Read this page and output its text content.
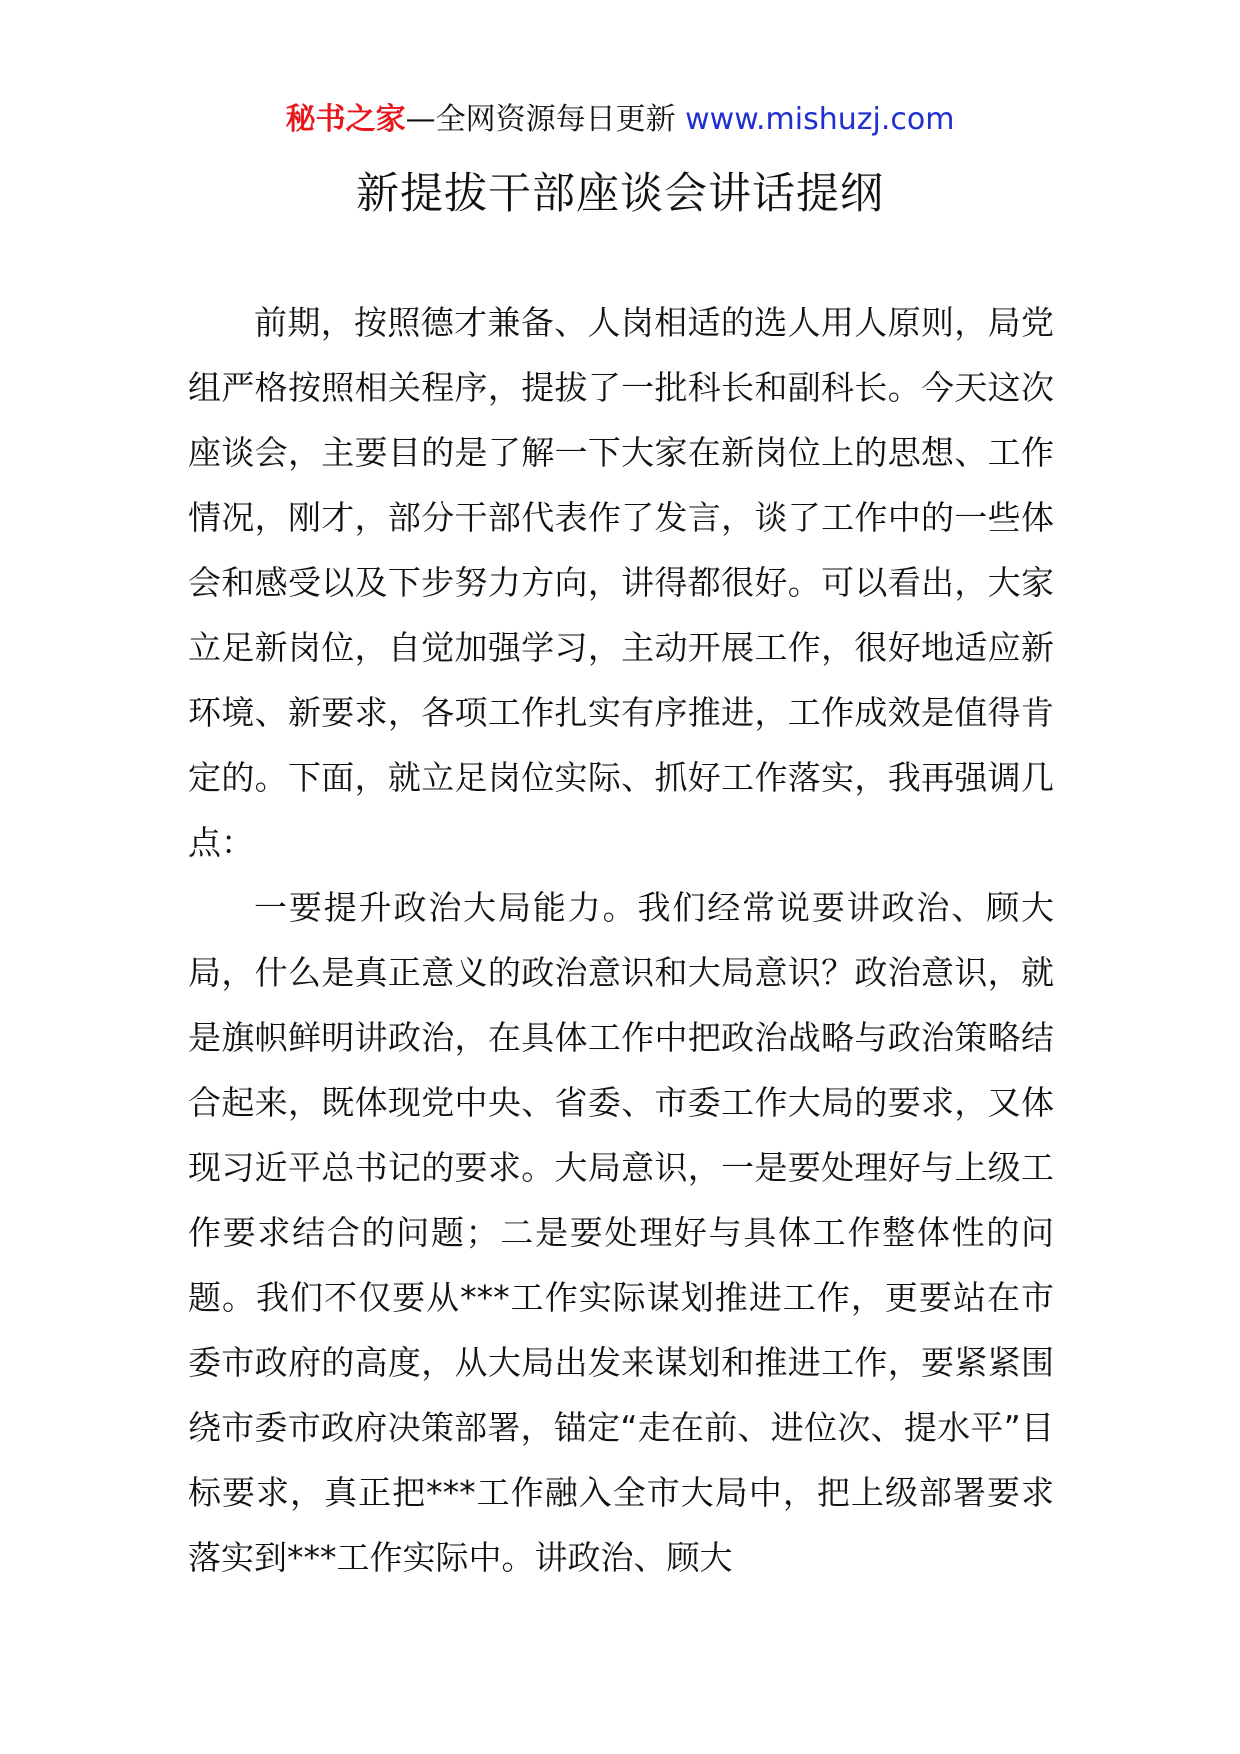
秘书之家—全网资源每日更新 www.mishuzj.com
新提拔干部座谈会讲话提纲

前期，按照德才兼备、人岗相适的选人用人原则，局党组严格按照相关程序，提拔了一批科长和副科长。今天这次座谈会，主要目的是了解一下大家在新岗位上的思想、工作情况，刚才，部分干部代表作了发言，谈了工作中的一些体会和感受以及下步努力方向，讲得都很好。可以看出，大家立足新岗位，自觉加强学习，主动开展工作，很好地适应新环境、新要求，各项工作扎实有序推进，工作成效是值得肯定的。下面，就立足岗位实际、抓好工作落实，我再强调几点：

一要提升政治大局能力。我们经常说要讲政治、顾大局，什么是真正意义的政治意识和大局意识？政治意识，就是旗帜鲜明讲政治，在具体工作中把政治战略与政治策略结合起来，既体现党中央、省委、市委工作大局的要求，又体现习近平总书记的要求。大局意识，一是要处理好与上级工作要求结合的问题；二是要处理好与具体工作整体性的问题。我们不仅要从***工作实际谋划推进工作，更要站在市委市政府的高度，从大局出发来谋划和推进工作，要紧紧围绕市委市政府决策部署，锚定“走在前、进位次、提水平”目标要求，真正把***工作融入全市大局中，把上级部署要求落实到***工作实际中。讲政治、顾大
